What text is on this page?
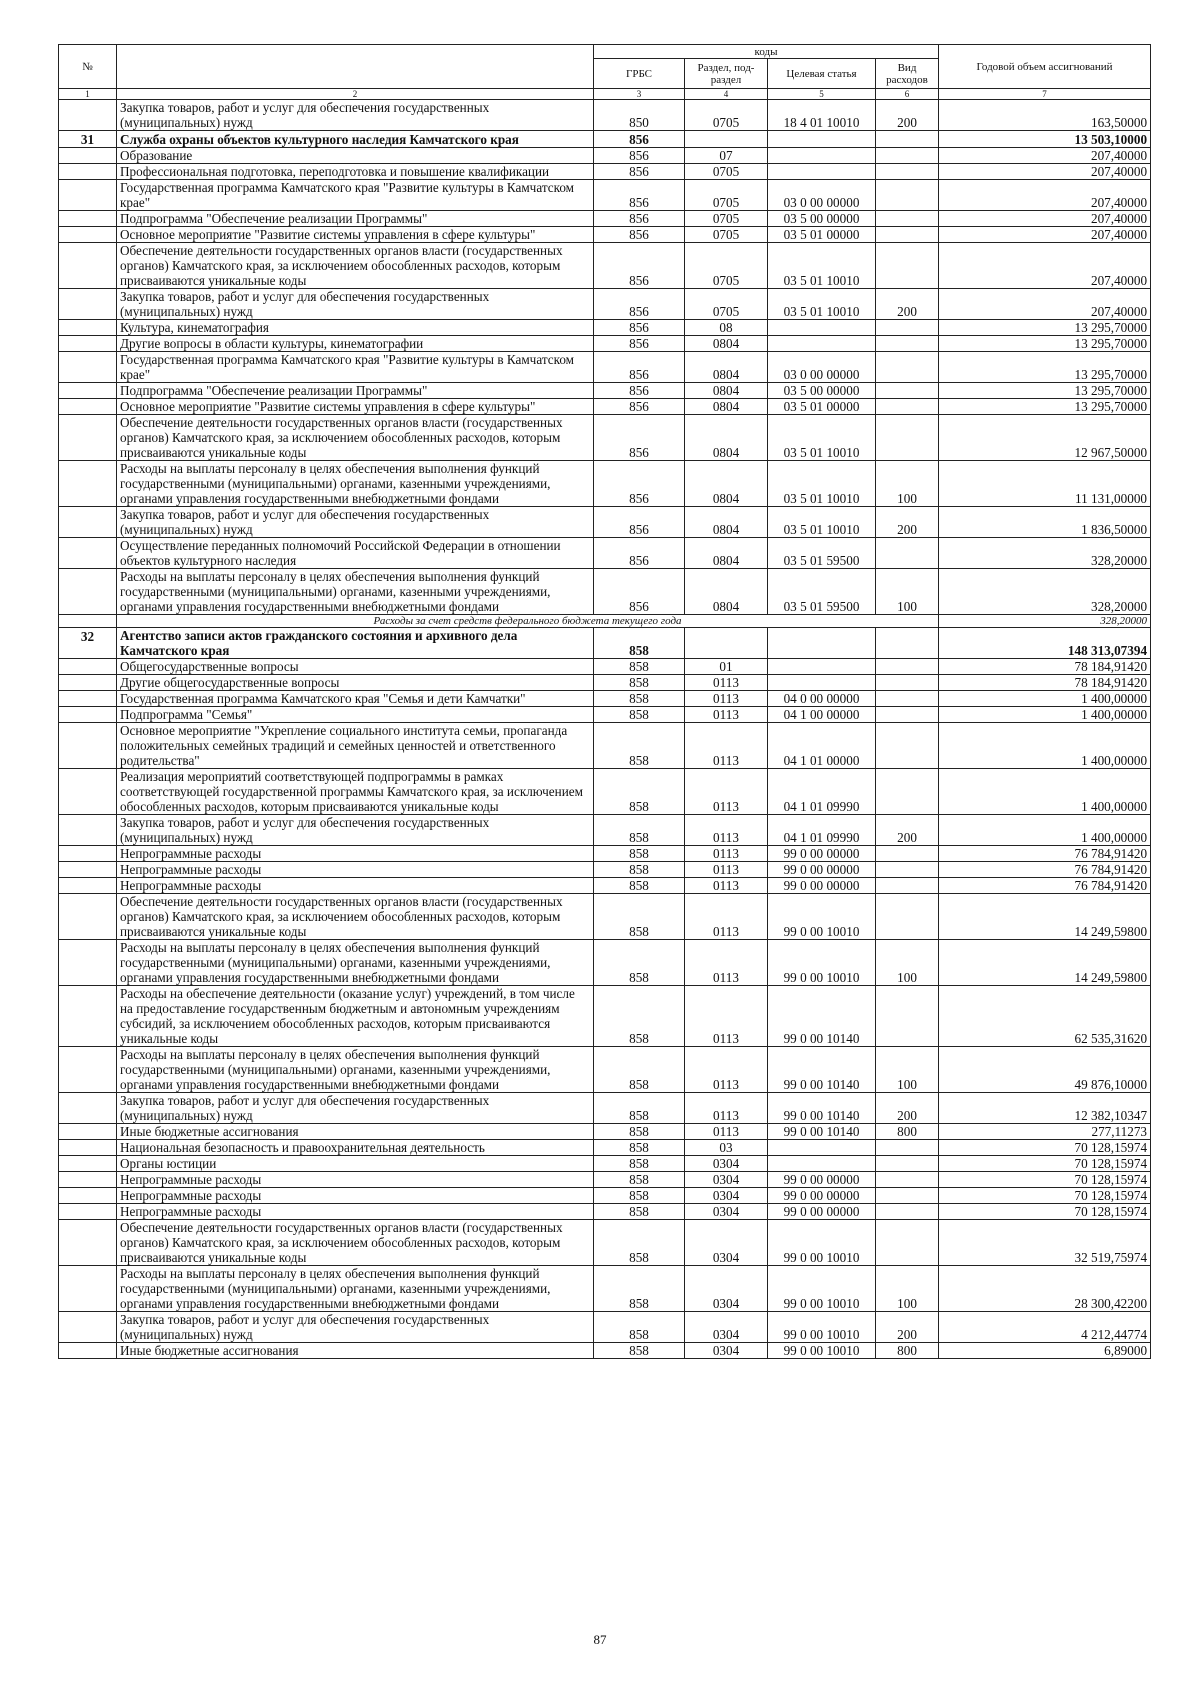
№		коды				Годовой объем ассигнований
		ГРБС	Раздел, под-раздел	Целевая статья	Вид расходов	
1	2	3	4	5	6	7
	Закупка товаров, работ и услуг для обеспечения государственных (муниципальных) нужд	850	0705	18 4 01 10010	200	163,50000
31	Служба охраны объектов культурного наследия Камчатского края	856				13 503,10000
	Образование	856	07			207,40000
	Профессиональная подготовка, переподготовка и повышение квалификации	856	0705			207,40000
	Государственная программа Камчатского края "Развитие культуры в Камчатском крае"	856	0705	03 0 00 00000		207,40000
	Подпрограмма "Обеспечение реализации Программы"	856	0705	03 5 00 00000		207,40000
	Основное мероприятие "Развитие системы управления в сфере культуры"	856	0705	03 5 01 00000		207,40000
	Обеспечение деятельности государственных органов власти (государственных органов) Камчатского края, за исключением обособленных расходов, которым присваиваются уникальные коды	856	0705	03 5 01 10010		207,40000
	Закупка товаров, работ и услуг для обеспечения государственных (муниципальных) нужд	856	0705	03 5 01 10010	200	207,40000
	Культура, кинематография	856	08			13 295,70000
	Другие вопросы в области культуры, кинематографии	856	0804			13 295,70000
	Государственная программа Камчатского края "Развитие культуры в Камчатском крае"	856	0804	03 0 00 00000		13 295,70000
	Подпрограмма "Обеспечение реализации Программы"	856	0804	03 5 00 00000		13 295,70000
	Основное мероприятие "Развитие системы управления в сфере культуры"	856	0804	03 5 01 00000		13 295,70000
	Обеспечение деятельности государственных органов власти (государственных органов) Камчатского края, за исключением обособленных расходов, которым присваиваются уникальные коды	856	0804	03 5 01 10010		12 967,50000
	Расходы на выплаты персоналу в целях обеспечения выполнения функций государственными (муниципальными) органами, казенными учреждениями, органами управления государственными внебюджетными фондами	856	0804	03 5 01 10010	100	11 131,00000
	Закупка товаров, работ и услуг для обеспечения государственных (муниципальных) нужд	856	0804	03 5 01 10010	200	1 836,50000
	Осуществление переданных полномочий Российской Федерации в отношении объектов культурного наследия	856	0804	03 5 01 59500		328,20000
	Расходы на выплаты персоналу в целях обеспечения выполнения функций государственными (муниципальными) органами, казенными учреждениями, органами управления государственными внебюджетными фондами	856	0804	03 5 01 59500	100	328,20000
	Расходы за счет средств федерального бюджета текущего года					328,20000
32	Агентство записи актов гражданского состояния и архивного дела Камчатского края	858				148 313,07394
	Общегосударственные вопросы	858	01			78 184,91420
	Другие общегосударственные вопросы	858	0113			78 184,91420
	Государственная программа Камчатского края "Семья и дети Камчатки"	858	0113	04 0 00 00000		1 400,00000
	Подпрограмма "Семья"	858	0113	04 1 00 00000		1 400,00000
	Основное мероприятие "Укрепление социального института семьи, пропаганда положительных семейных традиций и семейных ценностей и ответственного родительства"	858	0113	04 1 01 00000		1 400,00000
	Реализация мероприятий соответствующей подпрограммы в рамках соответствующей государственной программы Камчатского края, за исключением обособленных расходов, которым присваиваются уникальные коды	858	0113	04 1 01 09990		1 400,00000
	Закупка товаров, работ и услуг для обеспечения государственных (муниципальных) нужд	858	0113	04 1 01 09990	200	1 400,00000
	Непрограммные расходы	858	0113	99 0 00 00000		76 784,91420
	Непрограммные расходы	858	0113	99 0 00 00000		76 784,91420
	Непрограммные расходы	858	0113	99 0 00 00000		76 784,91420
	Обеспечение деятельности государственных органов власти (государственных органов) Камчатского края, за исключением обособленных расходов, которым присваиваются уникальные коды	858	0113	99 0 00 10010		14 249,59800
	Расходы на выплаты персоналу в целях обеспечения выполнения функций государственными (муниципальными) органами, казенными учреждениями, органами управления государственными внебюджетными фондами	858	0113	99 0 00 10010	100	14 249,59800
	Расходы на обеспечение деятельности (оказание услуг) учреждений, в том числе на предоставление государственным бюджетным и автономным учреждениям субсидий, за исключением обособленных расходов, которым присваиваются уникальные коды	858	0113	99 0 00 10140		62 535,31620
	Расходы на выплаты персоналу в целях обеспечения выполнения функций государственными (муниципальными) органами, казенными учреждениями, органами управления государственными внебюджетными фондами	858	0113	99 0 00 10140	100	49 876,10000
	Закупка товаров, работ и услуг для обеспечения государственных (муниципальных) нужд	858	0113	99 0 00 10140	200	12 382,10347
	Иные бюджетные ассигнования	858	0113	99 0 00 10140	800	277,11273
	Национальная безопасность и правоохранительная деятельность	858	03			70 128,15974
	Органы юстиции	858	0304			70 128,15974
	Непрограммные расходы	858	0304	99 0 00 00000		70 128,15974
	Непрограммные расходы	858	0304	99 0 00 00000		70 128,15974
	Непрограммные расходы	858	0304	99 0 00 00000		70 128,15974
	Обеспечение деятельности государственных органов власти (государственных органов) Камчатского края, за исключением обособленных расходов, которым присваиваются уникальные коды	858	0304	99 0 00 10010		32 519,75974
	Расходы на выплаты персоналу в целях обеспечения выполнения функций государственными (муниципальными) органами, казенными учреждениями, органами управления государственными внебюджетными фондами	858	0304	99 0 00 10010	100	28 300,42200
	Закупка товаров, работ и услуг для обеспечения государственных (муниципальных) нужд	858	0304	99 0 00 10010	200	4 212,44774
	Иные бюджетные ассигнования	858	0304	99 0 00 10010	800	6,89000
87
